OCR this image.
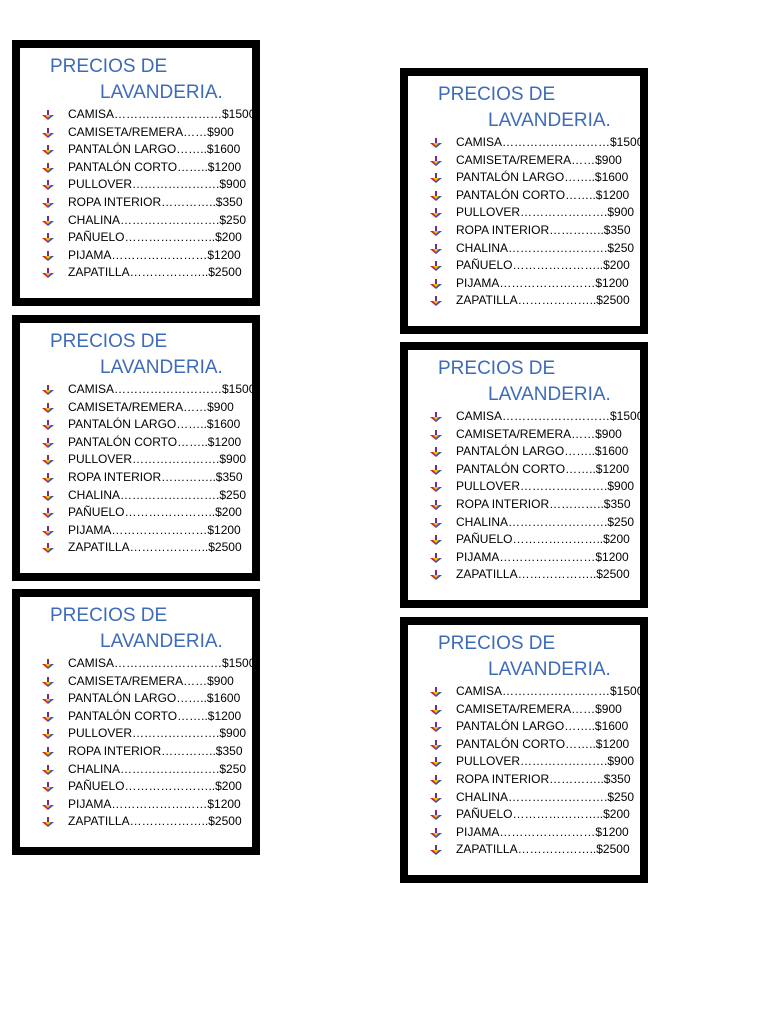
PRECIOS DE
LAVANDERIA.
CAMISA………………………$1500
CAMISETA/REMERA……$900
PANTALÓN LARGO……..$1600
PANTALÓN CORTO……..$1200
PULLOVER………………….$900
ROPA INTERIOR…………..$350
CHALINA…………………….$250
PAÑUELO…………………..$200
PIJAMA……………………$1200
ZAPATILLA………………..$2500
PRECIOS DE
LAVANDERIA.
CAMISA………………………$1500
CAMISETA/REMERA……$900
PANTALÓN LARGO……..$1600
PANTALÓN CORTO……..$1200
PULLOVER………………….$900
ROPA INTERIOR…………..$350
CHALINA…………………….$250
PAÑUELO…………………..$200
PIJAMA……………………$1200
ZAPATILLA………………..$2500
PRECIOS DE
LAVANDERIA.
CAMISA………………………$1500
CAMISETA/REMERA……$900
PANTALÓN LARGO……..$1600
PANTALÓN CORTO……..$1200
PULLOVER………………….$900
ROPA INTERIOR…………..$350
CHALINA…………………….$250
PAÑUELO…………………..$200
PIJAMA……………………$1200
ZAPATILLA………………..$2500
PRECIOS DE
LAVANDERIA.
CAMISA………………………$1500
CAMISETA/REMERA……$900
PANTALÓN LARGO……..$1600
PANTALÓN CORTO……..$1200
PULLOVER………………….$900
ROPA INTERIOR…………..$350
CHALINA…………………….$250
PAÑUELO…………………..$200
PIJAMA……………………$1200
ZAPATILLA………………..$2500
PRECIOS DE
LAVANDERIA.
CAMISA………………………$1500
CAMISETA/REMERA……$900
PANTALÓN LARGO……..$1600
PANTALÓN CORTO……..$1200
PULLOVER………………….$900
ROPA INTERIOR…………..$350
CHALINA…………………….$250
PAÑUELO…………………..$200
PIJAMA……………………$1200
ZAPATILLA………………..$2500
PRECIOS DE
LAVANDERIA.
CAMISA………………………$1500
CAMISETA/REMERA……$900
PANTALÓN LARGO……..$1600
PANTALÓN CORTO……..$1200
PULLOVER………………….$900
ROPA INTERIOR…………..$350
CHALINA…………………….$250
PAÑUELO…………………..$200
PIJAMA……………………$1200
ZAPATILLA………………..$2500
